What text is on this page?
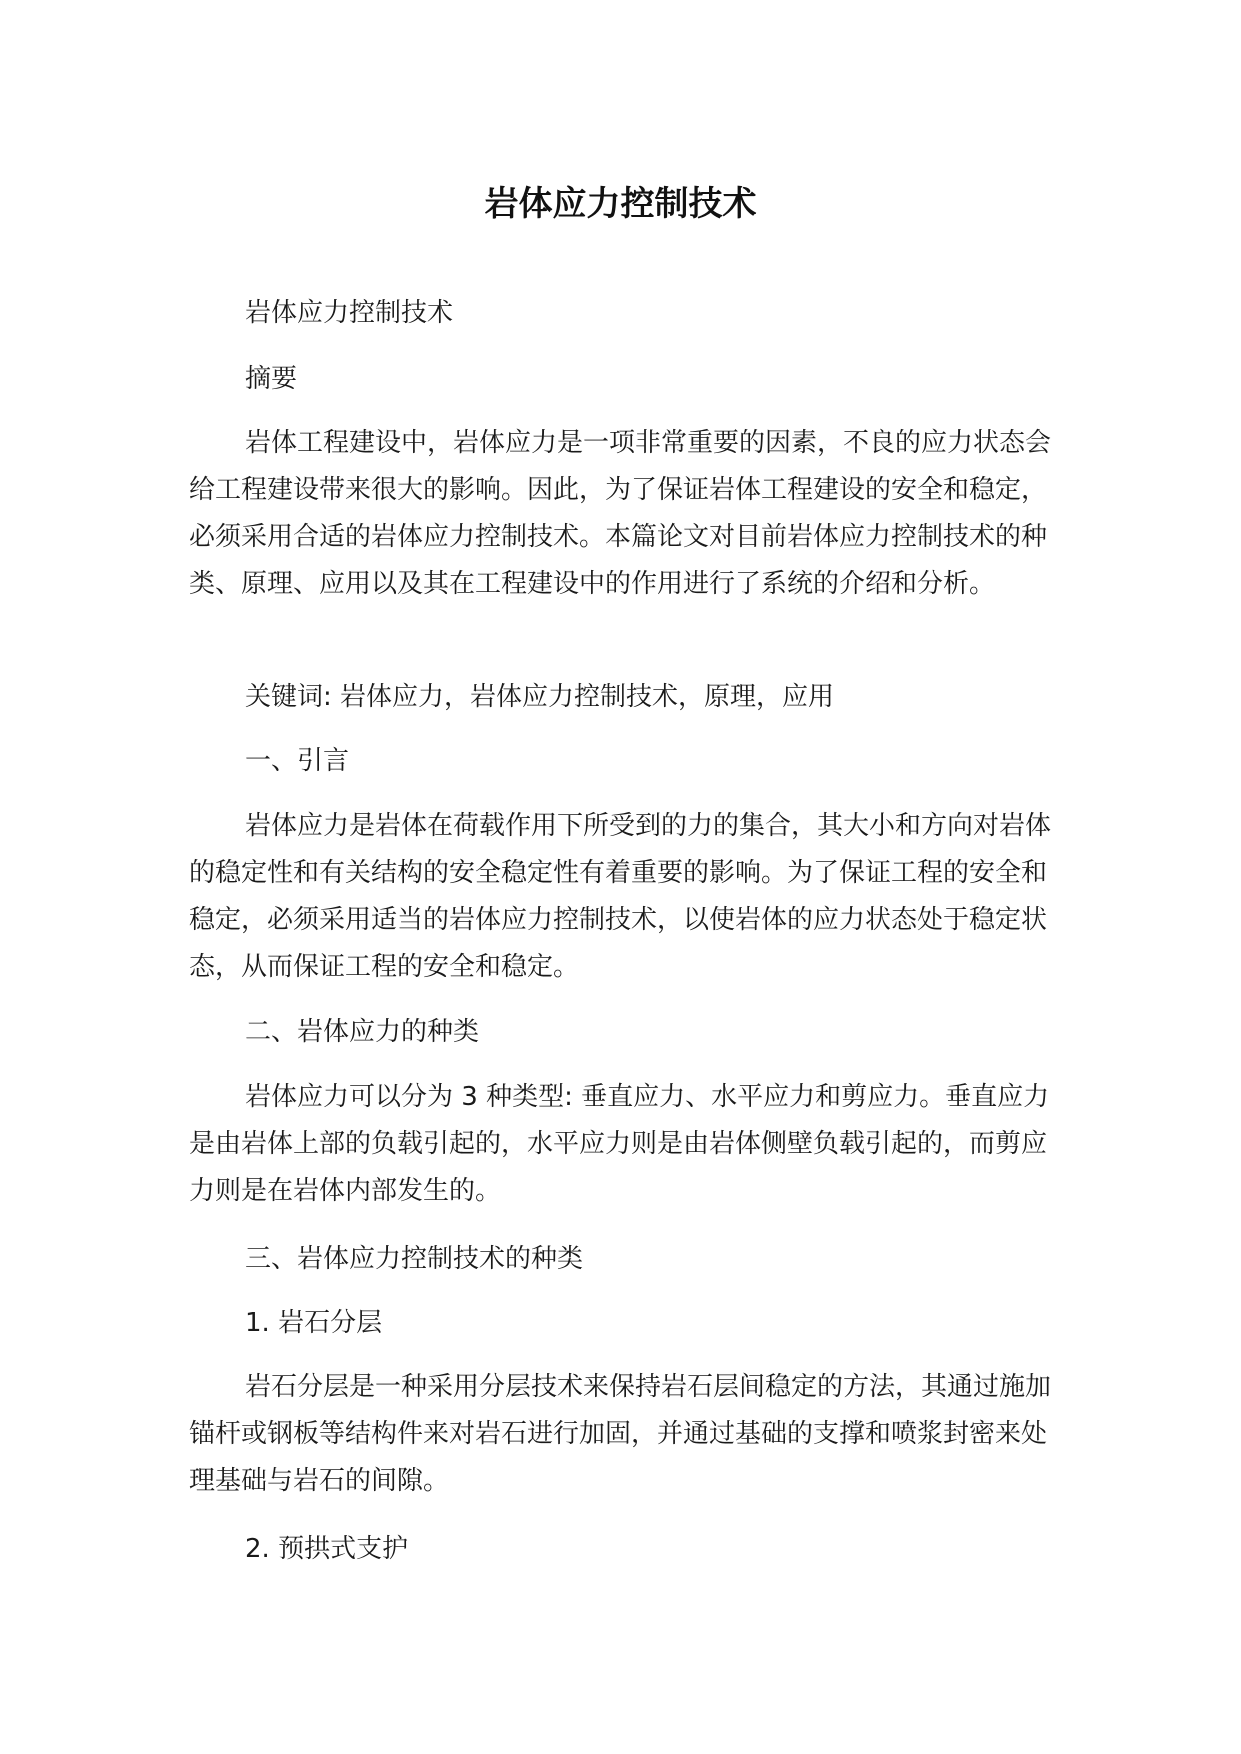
岩体应力控制技术

岩体应力控制技术

摘要

岩体工程建设中，岩体应力是一项非常重要的因素，不良的应力状态会给工程建设带来很大的影响。因此，为了保证岩体工程建设的安全和稳定，必须采用合适的岩体应力控制技术。本篇论文对目前岩体应力控制技术的种类、原理、应用以及其在工程建设中的作用进行了系统的介绍和分析。

关键词: 岩体应力，岩体应力控制技术，原理，应用

一、引言

岩体应力是岩体在荷载作用下所受到的力的集合，其大小和方向对岩体的稳定性和有关结构的安全稳定性有着重要的影响。为了保证工程的安全和稳定，必须采用适当的岩体应力控制技术，以使岩体的应力状态处于稳定状态，从而保证工程的安全和稳定。

二、岩体应力的种类

岩体应力可以分为 3 种类型: 垂直应力、水平应力和剪应力。垂直应力是由岩体上部的负载引起的，水平应力则是由岩体侧壁负载引起的，而剪应力则是在岩体内部发生的。

三、岩体应力控制技术的种类

1. 岩石分层

岩石分层是一种采用分层技术来保持岩石层间稳定的方法，其通过施加锚杆或钢板等结构件来对岩石进行加固，并通过基础的支撑和喷浆封密来处理基础与岩石的间隙。

2. 预拱式支护
